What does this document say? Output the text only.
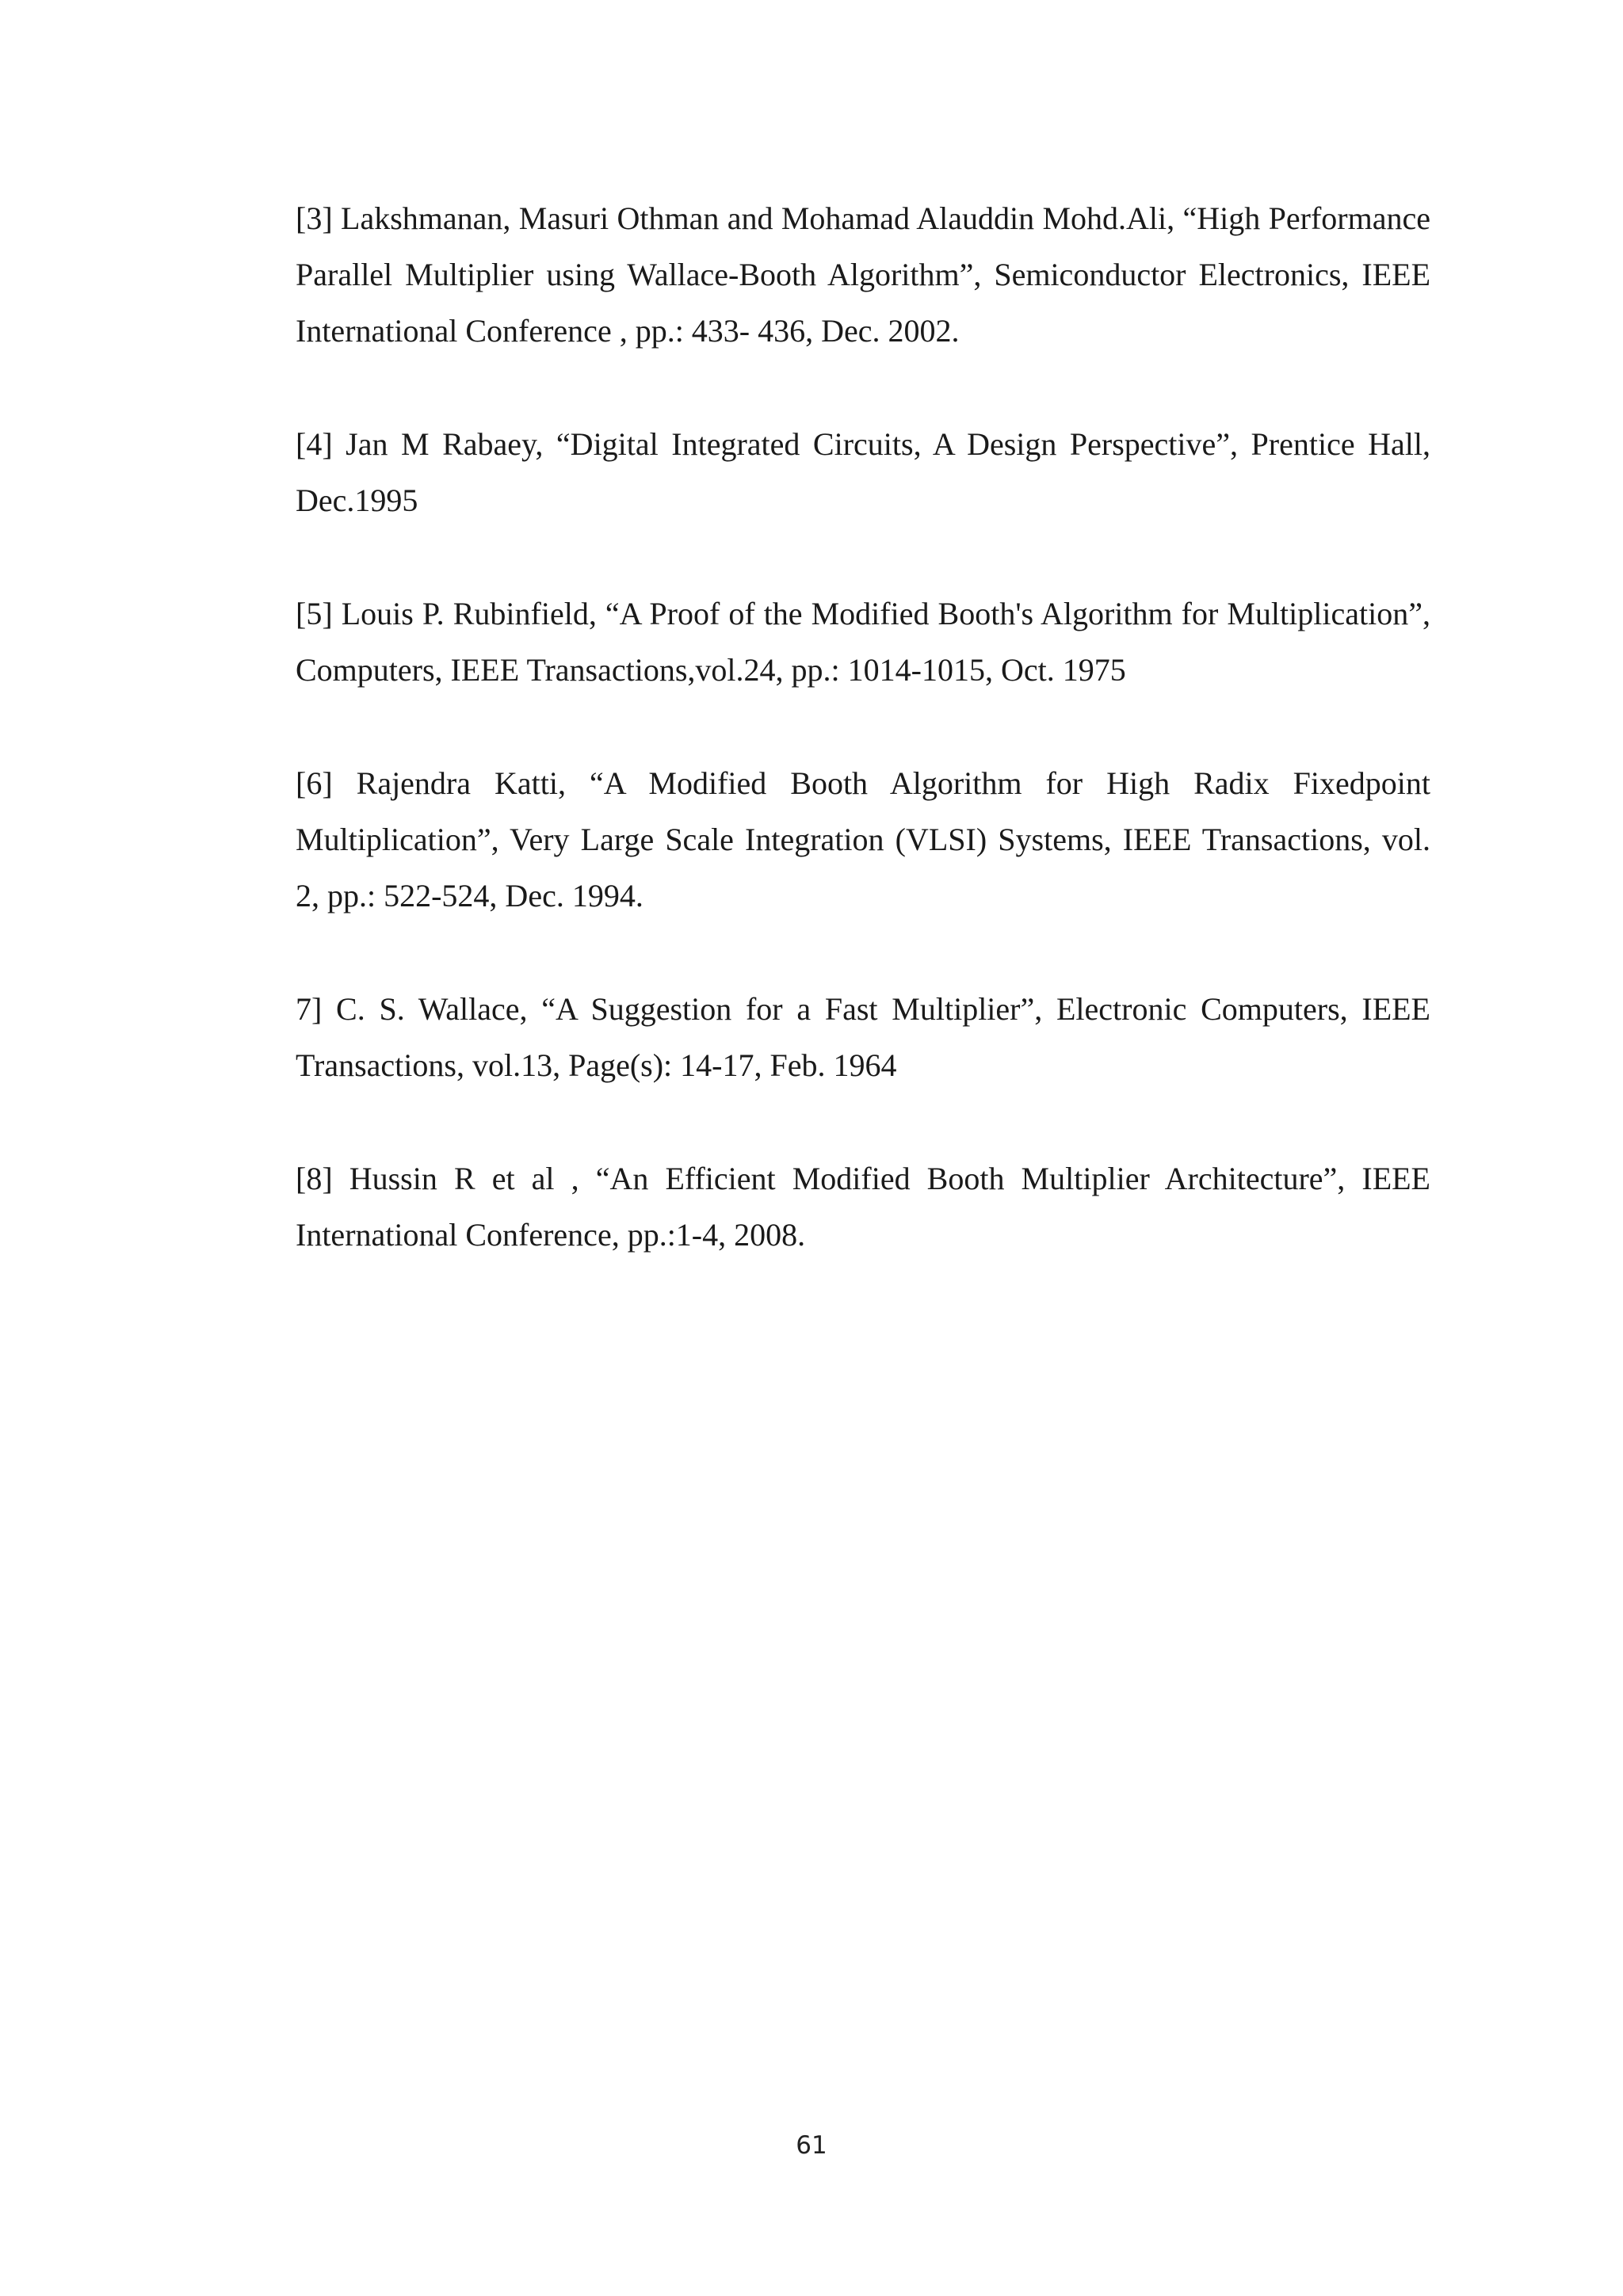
[3] Lakshmanan, Masuri Othman and Mohamad Alauddin Mohd.Ali, “High Performance Parallel Multiplier using Wallace-Booth Algorithm”, Semiconductor Electronics, IEEE International Conference , pp.: 433- 436, Dec. 2002.

[4] Jan M Rabaey, “Digital Integrated Circuits, A Design Perspective”, Prentice Hall, Dec.1995

[5] Louis P. Rubinfield, “A Proof of the Modified Booth's Algorithm for Multiplication”, Computers, IEEE Transactions,vol.24, pp.: 1014-1015, Oct. 1975

[6] Rajendra Katti, “A Modified Booth Algorithm for High Radix Fixedpoint Multiplication”, Very Large Scale Integration (VLSI) Systems, IEEE Transactions, vol. 2, pp.: 522-524, Dec. 1994.

7] C. S. Wallace, “A Suggestion for a Fast Multiplier”, Electronic Computers, IEEE Transactions, vol.13, Page(s): 14-17, Feb. 1964

[8] Hussin R et al , “An Efficient Modified Booth Multiplier Architecture”, IEEE International Conference, pp.:1-4, 2008.

61
